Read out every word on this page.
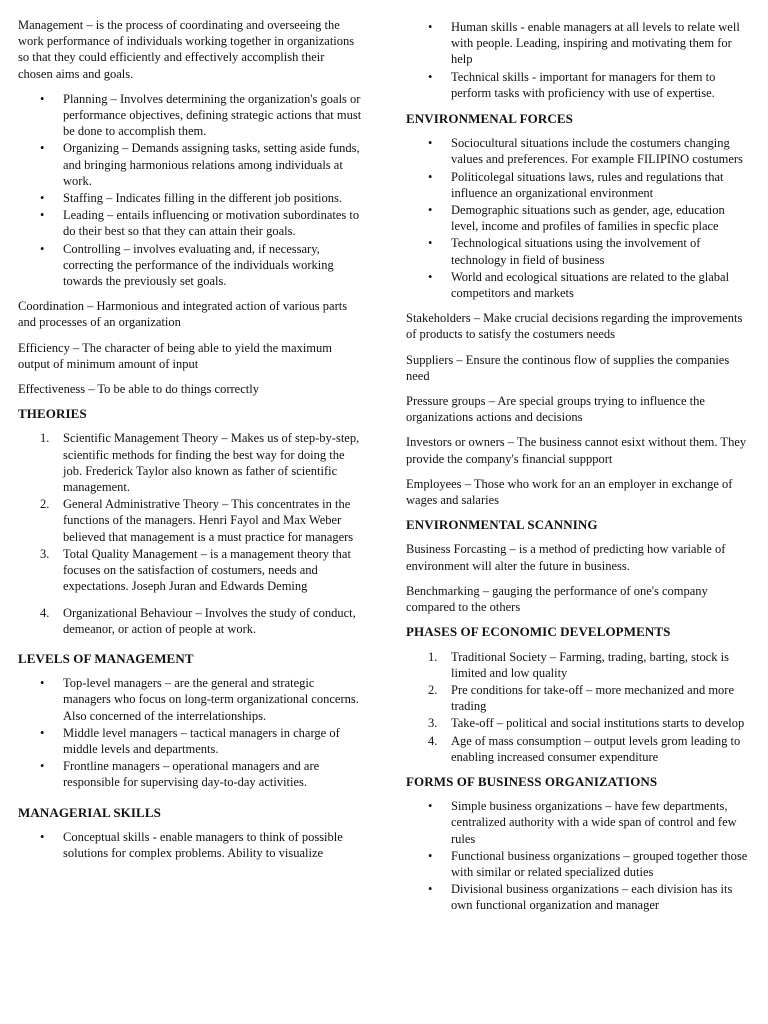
Management – is the process of coordinating and overseeing the work performance of individuals working together in organizations so that they could efficiently and effectively accomplish their chosen aims and goals.

• Planning – Involves determining the organization's goals or performance objectives, defining strategic actions that must be done to accomplish them.
• Organizing – Demands assigning tasks, setting aside funds, and bringing harmonious relations among individuals at work.
• Staffing – Indicates filling in the different job positions.
• Leading – entails influencing or motivation subordinates to do their best so that they can attain their goals.
• Controlling – involves evaluating and, if necessary, correcting the performance of the individuals working towards the previously set goals.

Coordination – Harmonious and integrated action of various parts and processes of an organization

Efficiency – The character of being able to yield the maximum output of minimum amount of input

Effectiveness – To be able to do things correctly

THEORIES
1. Scientific Management Theory – Makes us of step-by-step, scientific methods for finding the best way for doing the job. Frederick Taylor also known as father of scientific management.
2. General Administrative Theory – This concentrates in the functions of the managers. Henri Fayol and Max Weber believed that management is a must practice for managers
3. Total Quality Management – is a management theory that focuses on the satisfaction of costumers, needs and expectations. Joseph Juran and Edwards Deming
4. Organizational Behaviour – Involves the study of conduct, demeanor, or action of people at work.
LEVELS OF MANAGEMENT
• Top-level managers – are the general and strategic managers who focus on long-term organizational concerns. Also concerned of the interrelationships.
• Middle level managers – tactical managers in charge of middle levels and departments.
• Frontline managers – operational managers and are responsible for supervising day-to-day activities.
MANAGERIAL SKILLS
• Conceptual skills - enable managers to think of possible solutions for complex problems. Ability to visualize
• Human skills - enable managers at all levels to relate well with people. Leading, inspiring and motivating them for help
• Technical skills - important for managers for them to perform tasks with proficiency with use of expertise.
ENVIRONMENAL FORCES
• Sociocultural situations include the costumers changing values and preferences. For example FILIPINO costumers
• Politicolegal situations laws, rules and regulations that influence an organizational environment
• Demographic situations such as gender, age, education level, income and profiles of families in specfic place
• Technological situations using the involvement of technology in field of business
• World and ecological situations are related to the glabal competitors and markets

Stakeholders – Make crucial decisions regarding the improvements of products to satisfy the costumers needs

Suppliers – Ensure the continous flow of supplies the companies need

Pressure groups – Are special groups trying to influence the organizations actions and decisions

Investors or owners – The business cannot esixt without them. They provide the company's financial suppport

Employees – Those who work for an an employer in exchange of wages and salaries

ENVIRONMENTAL SCANNING

Business Forcasting – is a method of predicting how variable of environment will alter the future in business.

Benchmarking – gauging the performance of one's company compared to the others

PHASES OF ECONOMIC DEVELOPMENTS
1. Traditional Society – Farming, trading, barting, stock is limited and low quality
2. Pre conditions for take-off – more mechanized and more trading
3. Take-off – political and social institutions starts to develop
4. Age of mass consumption – output levels grom leading to enabling increased consumer expenditure
FORMS OF BUSINESS ORGANIZATIONS
• Simple business organizations – have few departments, centralized authority with a wide span of control and few rules
• Functional business organizations – grouped together those with similar or related specialized duties
• Divisional business organizations – each division has its own functional organization and manager
